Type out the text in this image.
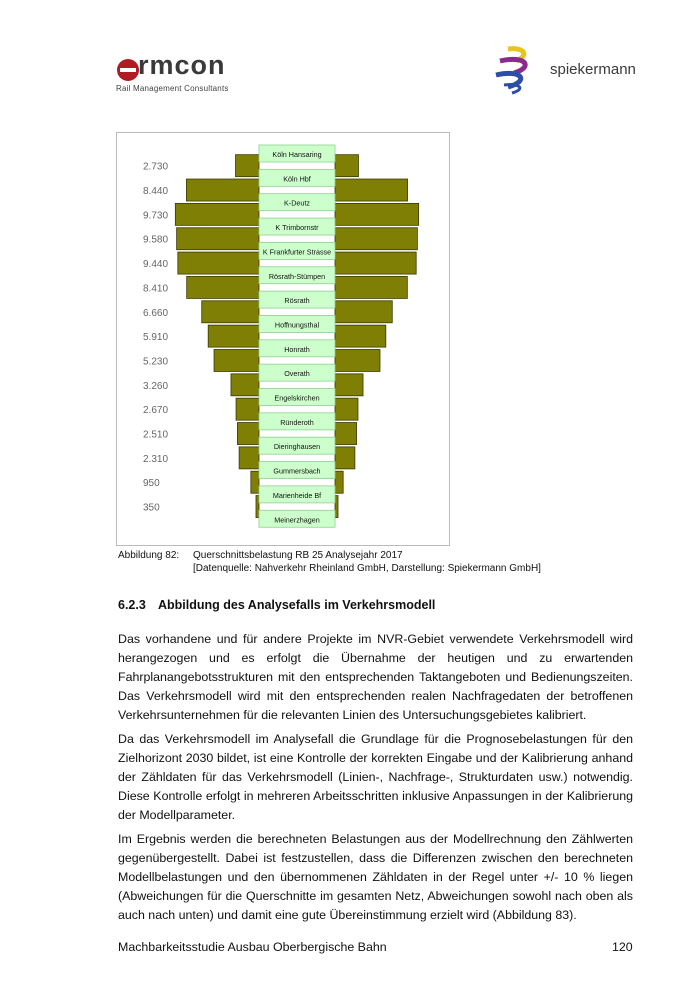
rmcon
Rail Management Consultants
spiekermann
2.730
8.440
9.730
9.580
9.440
8.410
6.660
5.910
5.230
3.260
2.670
2.510
2.310
950
350
Köln Hansaring
Köln Hbf
K-Deutz
K Trimbornstr
K Frankfurter Strasse
Rösrath-Stümpen
Rösrath
Hoffnungsthal
Honrath
Overath
Engelskirchen
Ründeroth
Dieringhausen
Gummersbach
Marienheide Bf
Meinerzhagen
Abbildung 82: Querschnittsbelastung RB 25 Analysejahr 2017
[Datenquelle: Nahverkehr Rheinland GmbH, Darstellung: Spiekermann GmbH]
6.2.3 Abbildung des Analysefalls im Verkehrsmodell

Das vorhandene und für andere Projekte im NVR-Gebiet verwendete Verkehrsmodell wird herangezogen und es erfolgt die Übernahme der heutigen und zu erwartenden Fahrplanangebotsstrukturen mit den entsprechenden Taktangeboten und Bedienungszeiten. Das Verkehrsmodell wird mit den entsprechenden realen Nachfragedaten der betroffenen Verkehrsunternehmen für die relevanten Linien des Untersuchungsgebietes kalibriert.

Da das Verkehrsmodell im Analysefall die Grundlage für die Prognosebelastungen für den Zielhorizont 2030 bildet, ist eine Kontrolle der korrekten Eingabe und der Kalibrierung anhand der Zähldaten für das Verkehrsmodell (Linien-, Nachfrage-, Strukturdaten usw.) notwendig. Diese Kontrolle erfolgt in mehreren Arbeitsschritten inklusive Anpassungen in der Kalibrierung der Modellparameter.

Im Ergebnis werden die berechneten Belastungen aus der Modellrechnung den Zählwerten gegenübergestellt. Dabei ist festzustellen, dass die Differenzen zwischen den berechneten Modellbelastungen und den übernommenen Zähldaten in der Regel unter +/- 10 % liegen (Abweichungen für die Querschnitte im gesamten Netz, Abweichungen sowohl nach oben als auch nach unten) und damit eine gute Übereinstimmung erzielt wird (Abbildung 83).

Machbarkeitsstudie Ausbau Oberbergische Bahn	120
